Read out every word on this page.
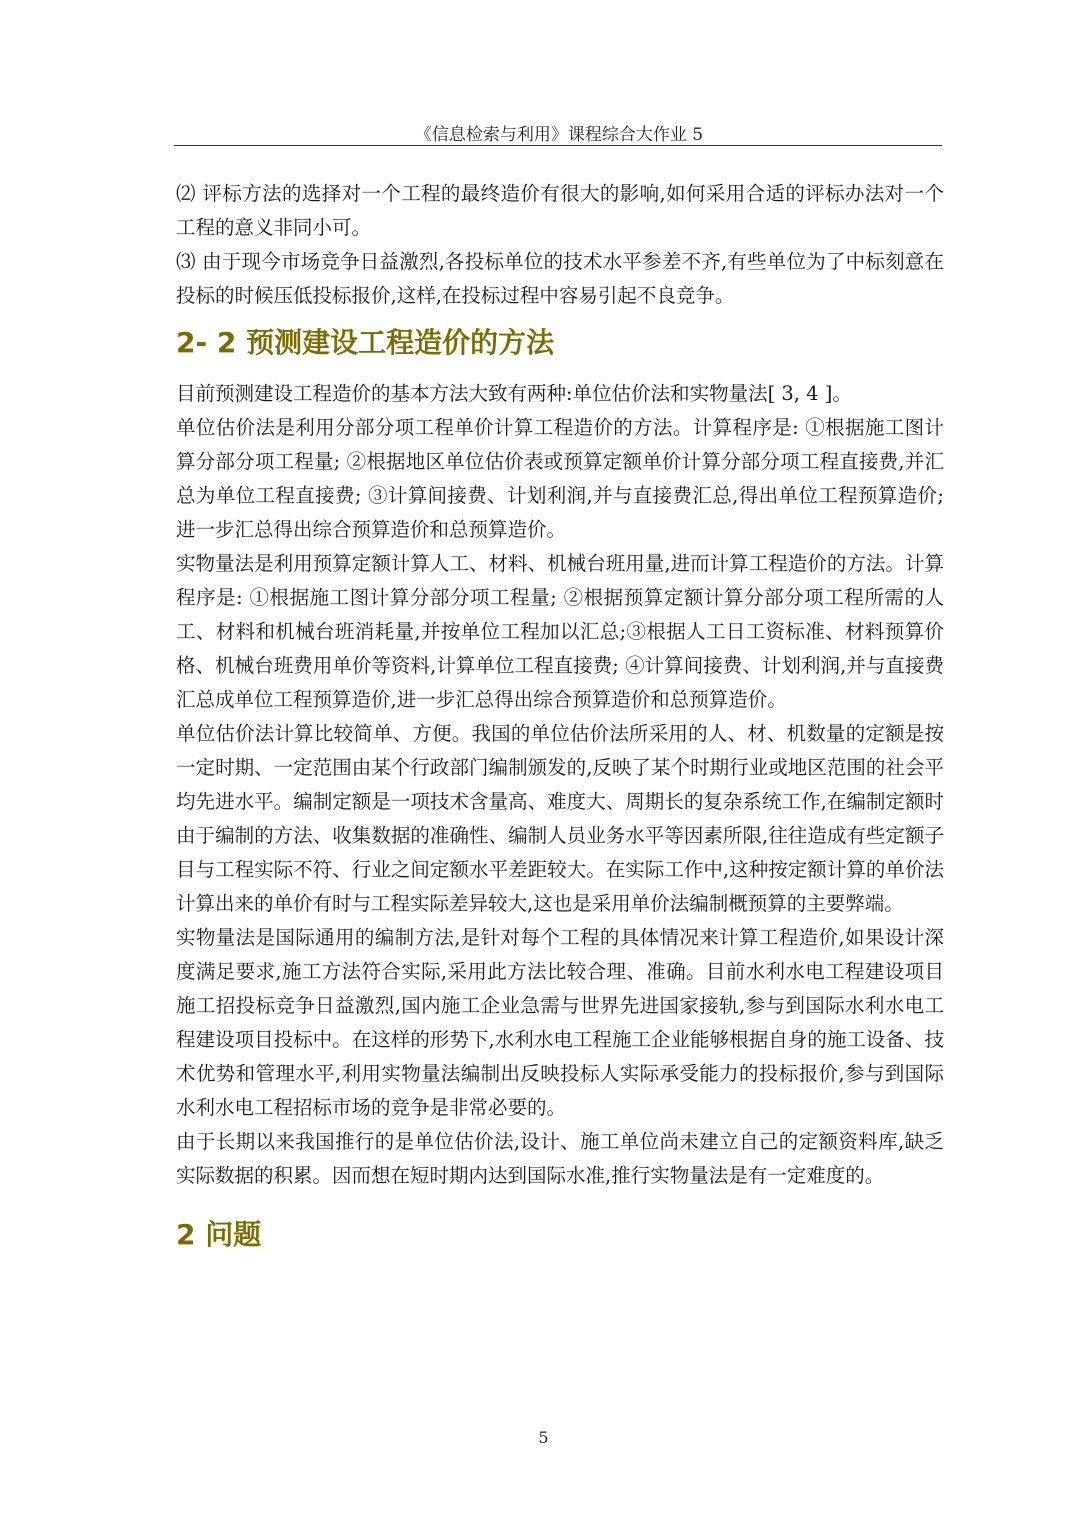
《信息检索与利用》课程综合大作业 5

⑵ 评标方法的选择对一个工程的最终造价有很大的影响,如何采用合适的评标办法对一个工程的意义非同小可。

⑶ 由于现今市场竞争日益激烈,各投标单位的技术水平参差不齐,有些单位为了中标刻意在投标的时候压低投标报价,这样,在投标过程中容易引起不良竞争。

2- 2 预测建设工程造价的方法

目前预测建设工程造价的基本方法大致有两种:单位估价法和实物量法[ 3, 4 ]。

单位估价法是利用分部分项工程单价计算工程造价的方法。计算程序是: ①根据施工图计算分部分项工程量; ②根据地区单位估价表或预算定额单价计算分部分项工程直接费,并汇总为单位工程直接费; ③计算间接费、计划利润,并与直接费汇总,得出单位工程预算造价;进一步汇总得出综合预算造价和总预算造价。

实物量法是利用预算定额计算人工、材料、机械台班用量,进而计算工程造价的方法。计算程序是: ①根据施工图计算分部分项工程量; ②根据预算定额计算分部分项工程所需的人工、材料和机械台班消耗量,并按单位工程加以汇总;③根据人工日工资标准、材料预算价格、机械台班费用单价等资料,计算单位工程直接费; ④计算间接费、计划利润,并与直接费汇总成单位工程预算造价,进一步汇总得出综合预算造价和总预算造价。

单位估价法计算比较简单、方便。我国的单位估价法所采用的人、材、机数量的定额是按一定时期、一定范围由某个行政部门编制颁发的,反映了某个时期行业或地区范围的社会平均先进水平。编制定额是一项技术含量高、难度大、周期长的复杂系统工作,在编制定额时由于编制的方法、收集数据的准确性、编制人员业务水平等因素所限,往往造成有些定额子目与工程实际不符、行业之间定额水平差距较大。在实际工作中,这种按定额计算的单价法计算出来的单价有时与工程实际差异较大,这也是采用单价法编制概预算的主要弊端。

实物量法是国际通用的编制方法,是针对每个工程的具体情况来计算工程造价,如果设计深度满足要求,施工方法符合实际,采用此方法比较合理、准确。目前水利水电工程建设项目施工招投标竞争日益激烈,国内施工企业急需与世界先进国家接轨,参与到国际水利水电工程建设项目投标中。在这样的形势下,水利水电工程施工企业能够根据自身的施工设备、技术优势和管理水平,利用实物量法编制出反映投标人实际承受能力的投标报价,参与到国际水利水电工程招标市场的竞争是非常必要的。

由于长期以来我国推行的是单位估价法,设计、施工单位尚未建立自己的定额资料库,缺乏实际数据的积累。因而想在短时期内达到国际水准,推行实物量法是有一定难度的。

2 问题
5
